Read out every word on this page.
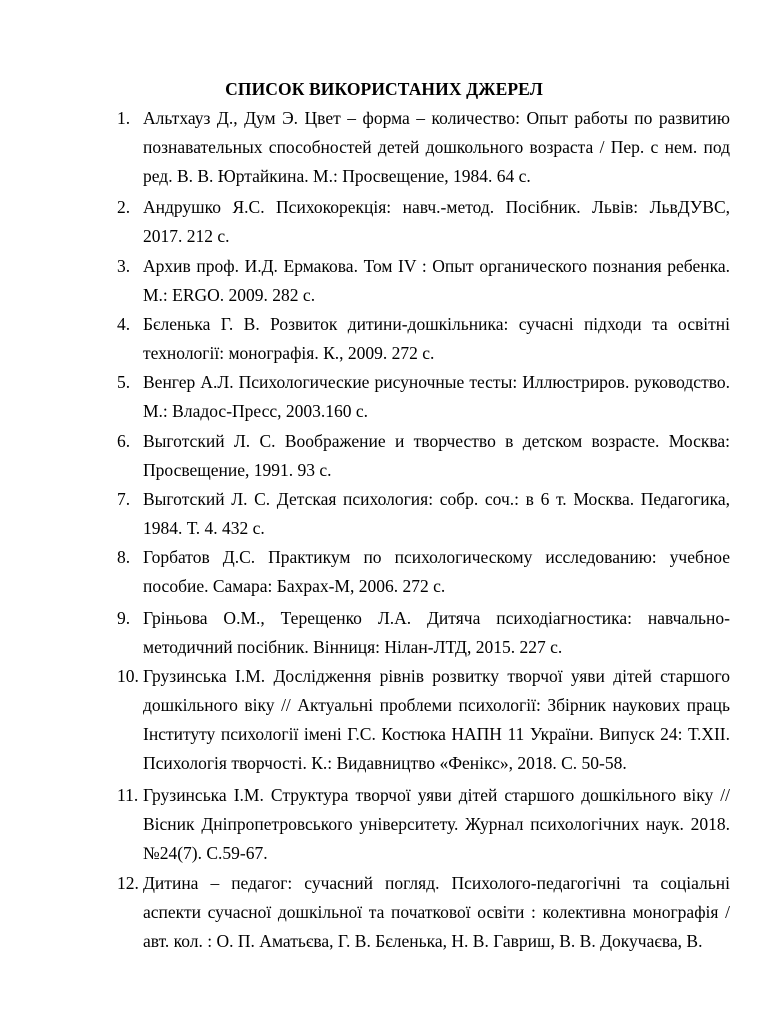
СПИСОК ВИКОРИСТАНИХ ДЖЕРЕЛ
1. Альтхауз Д., Дум Э. Цвет – форма – количество: Опыт работы по развитию познавательных способностей детей дошкольного возраста / Пер. с нем. под ред. В. В. Юртайкина. М.: Просвещение, 1984. 64 с.
2. Андрушко Я.С. Психокорекція: навч.-метод. Посібник. Львів: ЛьвДУВС, 2017. 212 с.
3. Архив проф. И.Д. Ермакова. Том IV : Опыт органического познания ребенка. М.: ERGO. 2009. 282 с.
4. Бєленька Г. В. Розвиток дитини-дошкільника: сучасні підходи та освітні технології: монографія. К., 2009. 272 с.
5. Венгер А.Л. Психологические рисуночные тесты: Иллюстриров. руководство. М.: Владос-Пресс, 2003.160 с.
6. Выготский Л. С. Воображение и творчество в детском возрасте. Москва: Просвещение, 1991. 93 с.
7. Выготский Л. С. Детская психология: собр. соч.: в 6 т. Москва. Педагогика, 1984. Т. 4. 432 с.
8. Горбатов Д.С. Практикум по психологическому исследованию: учебное пособие. Самара: Бахрах-М, 2006. 272 с.
9. Гріньова О.М., Терещенко Л.А. Дитяча психодіагностика: навчально-методичний посібник. Вінниця: Нілан-ЛТД, 2015. 227 с.
10. Грузинська І.М. Дослідження рівнів розвитку творчої уяви дітей старшого дошкільного віку // Актуальні проблеми психології: Збірник наукових праць Інституту психології імені Г.С. Костюка НАПН 11 України. Випуск 24: Т.XII. Психологія творчості. К.: Видавництво «Фенікс», 2018. С. 50-58.
11. Грузинська І.М. Структура творчої уяви дітей старшого дошкільного віку // Вісник Дніпропетровського університету. Журнал психологічних наук. 2018. №24(7). С.59-67.
12. Дитина – педагог: сучасний погляд. Психолого-педагогічні та соціальні аспекти сучасної дошкільної та початкової освіти : колективна монографія / авт. кол. : О. П. Аматьєва, Г. В. Бєленька, Н. В. Гавриш, В. В. Докучаєва, В.
